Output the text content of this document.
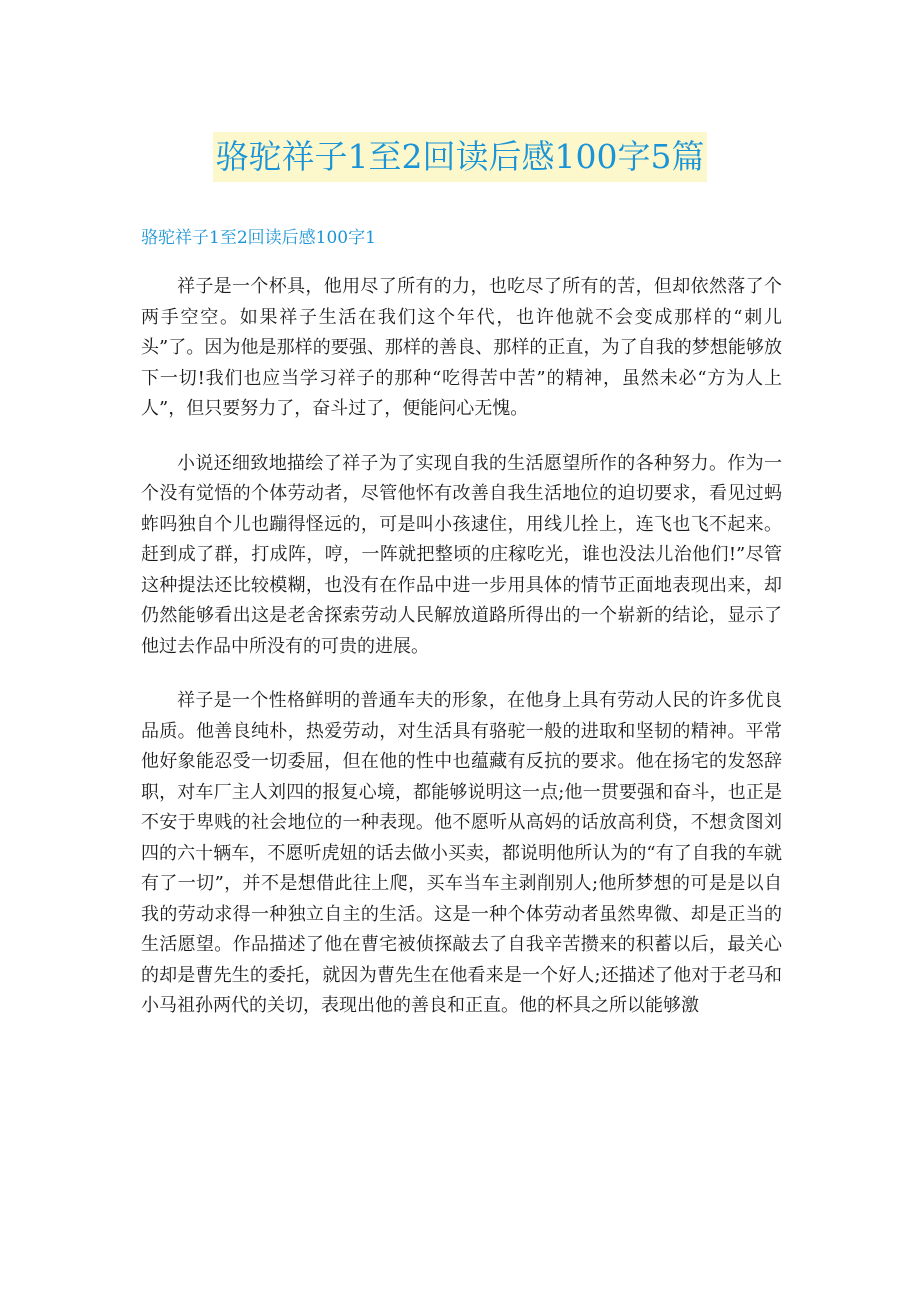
骆驼祥子1至2回读后感100字5篇
骆驼祥子1至2回读后感100字1

祥子是一个杯具，他用尽了所有的力，也吃尽了所有的苦，但却依然落了个两手空空。如果祥子生活在我们这个年代，也许他就不会变成那样的“刺儿头”了。因为他是那样的要强、那样的善良、那样的正直，为了自我的梦想能够放下一切!我们也应当学习祥子的那种“吃得苦中苦”的精神，虽然未必“方为人上人”，但只要努力了，奋斗过了，便能问心无愧。

小说还细致地描绘了祥子为了实现自我的生活愿望所作的各种努力。作为一个没有觉悟的个体劳动者，尽管他怀有改善自我生活地位的迫切要求，看见过蚂蚱吗独自个儿也蹦得怪远的，可是叫小孩逮住，用线儿拴上，连飞也飞不起来。赶到成了群，打成阵，哼，一阵就把整顷的庄稼吃光，谁也没法儿治他们!”尽管这种提法还比较模糊，也没有在作品中进一步用具体的情节正面地表现出来，却仍然能够看出这是老舍探索劳动人民解放道路所得出的一个崭新的结论，显示了他过去作品中所没有的可贵的进展。

祥子是一个性格鲜明的普通车夫的形象，在他身上具有劳动人民的许多优良品质。他善良纯朴，热爱劳动，对生活具有骆驼一般的进取和坚韧的精神。平常他好象能忍受一切委屈，但在他的性中也蕴藏有反抗的要求。他在扬宅的发怒辞职，对车厂主人刘四的报复心境，都能够说明这一点;他一贯要强和奋斗，也正是不安于卑贱的社会地位的一种表现。他不愿听从高妈的话放高利贷，不想贪图刘四的六十辆车，不愿听虎妞的话去做小买卖，都说明他所认为的“有了自我的车就有了一切”，并不是想借此往上爬，买车当车主剥削别人;他所梦想的可是是以自我的劳动求得一种独立自主的生活。这是一种个体劳动者虽然卑微、却是正当的生活愿望。作品描述了他在曹宅被侦探敲去了自我辛苦攒来的积蓄以后，最关心的却是曹先生的委托，就因为曹先生在他看来是一个好人;还描述了他对于老马和小马祖孙两代的关切，表现出他的善良和正直。他的杯具之所以能够激
